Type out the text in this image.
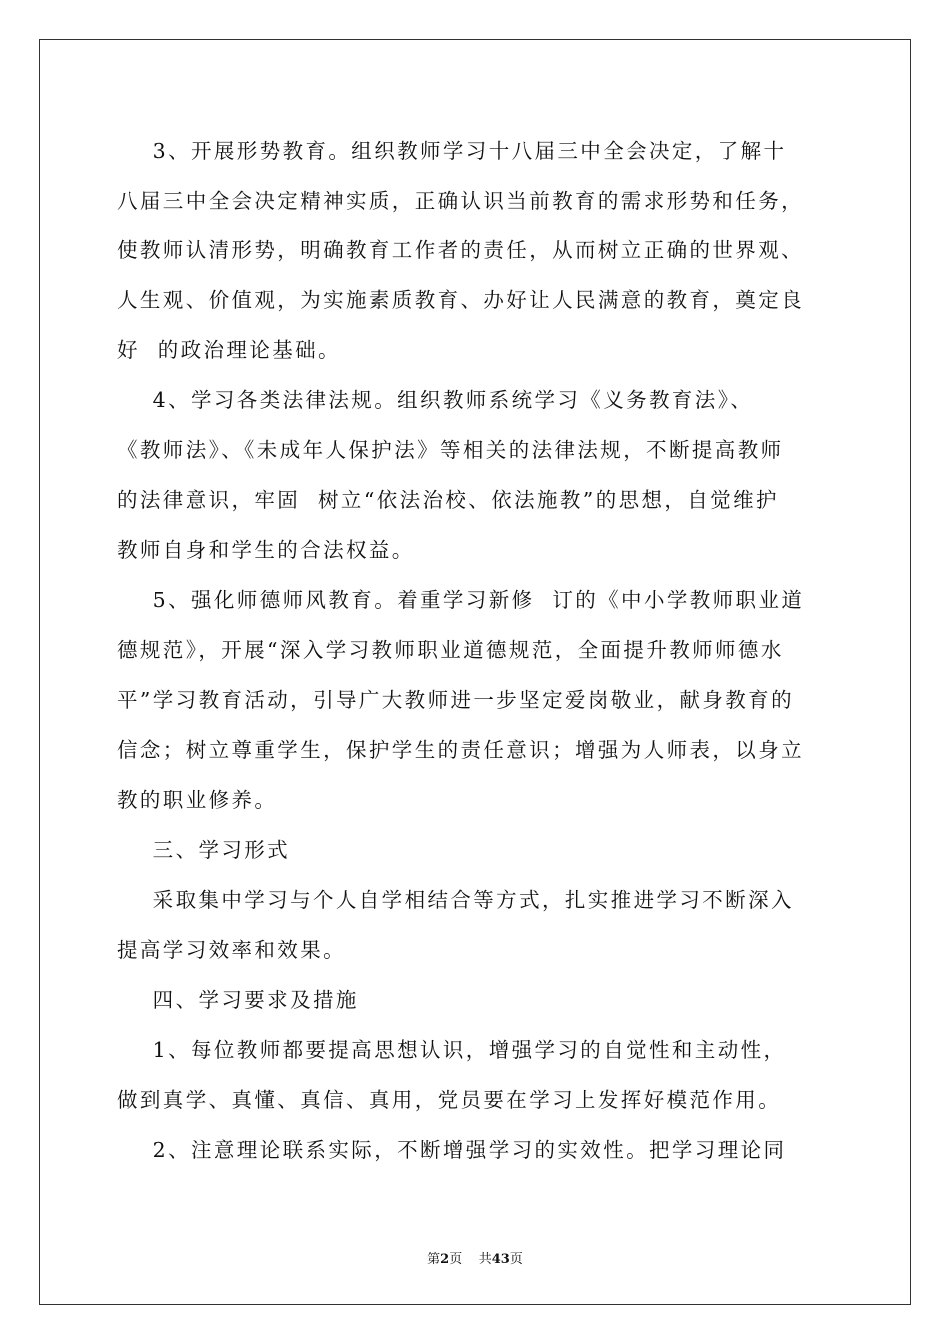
3、开展形势教育。组织教师学习十八届三中全会决定，了解十

八届三中全会决定精神实质，正确认识当前教育的需求形势和任务，

使教师认清形势，明确教育工作者的责任，从而树立正确的世界观、

人生观、价值观，为实施素质教育、办好让人民满意的教育，奠定良

好  的政治理论基础。

4、学习各类法律法规。组织教师系统学习《义务教育法》、

《教师法》、《未成年人保护法》等相关的法律法规，不断提高教师

的法律意识，牢固  树立“依法治校、依法施教”的思想，自觉维护

教师自身和学生的合法权益。

5、强化师德师风教育。着重学习新修  订的《中小学教师职业道

德规范》，开展“深入学习教师职业道德规范，全面提升教师师德水

平”学习教育活动，引导广大教师进一步坚定爱岗敬业，献身教育的

信念；树立尊重学生，保护学生的责任意识；增强为人师表，以身立

教的职业修养。

三、学习形式

采取集中学习与个人自学相结合等方式，扎实推进学习不断深入

提高学习效率和效果。

四、学习要求及措施

1、每位教师都要提高思想认识，增强学习的自觉性和主动性，

做到真学、真懂、真信、真用，党员要在学习上发挥好模范作用。

2、注意理论联系实际，不断增强学习的实效性。把学习理论同

第2页    共43页
